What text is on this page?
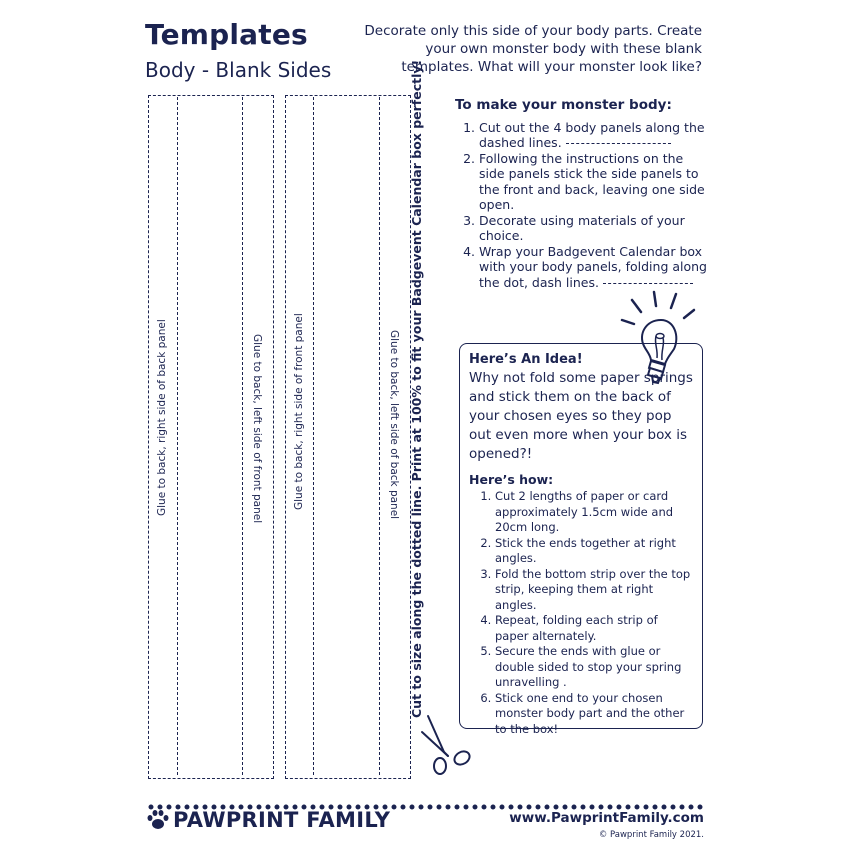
Templates
Body - Blank Sides
Decorate only this side of your body parts. Create your own monster body with these blank templates. What will your monster look like?
Glue to back, right side of back panel	Glue to back, left side of front panel	Glue to back, right side of front panel	Glue to back, left side of back panel Cut to size along the dotted line. Print at 100% to fit your Badgevent Calendar box perfectly! To make your monster body:
1. Cut out the 4 body panels along the dashed lines.
2. Following the instructions on the side panels stick the side panels to the front and back, leaving one side open.
3. Decorate using materials of your choice.
4. Wrap your Badgevent Calendar box with your body panels, folding along the dot, dash lines.
Here’s An Idea!
Why not fold some paper springs and stick them on the back of your chosen eyes so they pop out even more when your box is opened?!
Here’s how:
1. Cut 2 lengths of paper or card approximately 1.5cm wide and 20cm long.
2. Stick the ends together at right angles.
3. Fold the bottom strip over the top strip, keeping them at right angles.
4. Repeat, folding each strip of paper alternately.
5. Secure the ends with glue or double sided to stop your spring unravelling .
6. Stick one end to your chosen monster body part and the other to the box!
PAWPRINT FAMILY	www.PawprintFamily.com
© Pawprint Family 2021.
